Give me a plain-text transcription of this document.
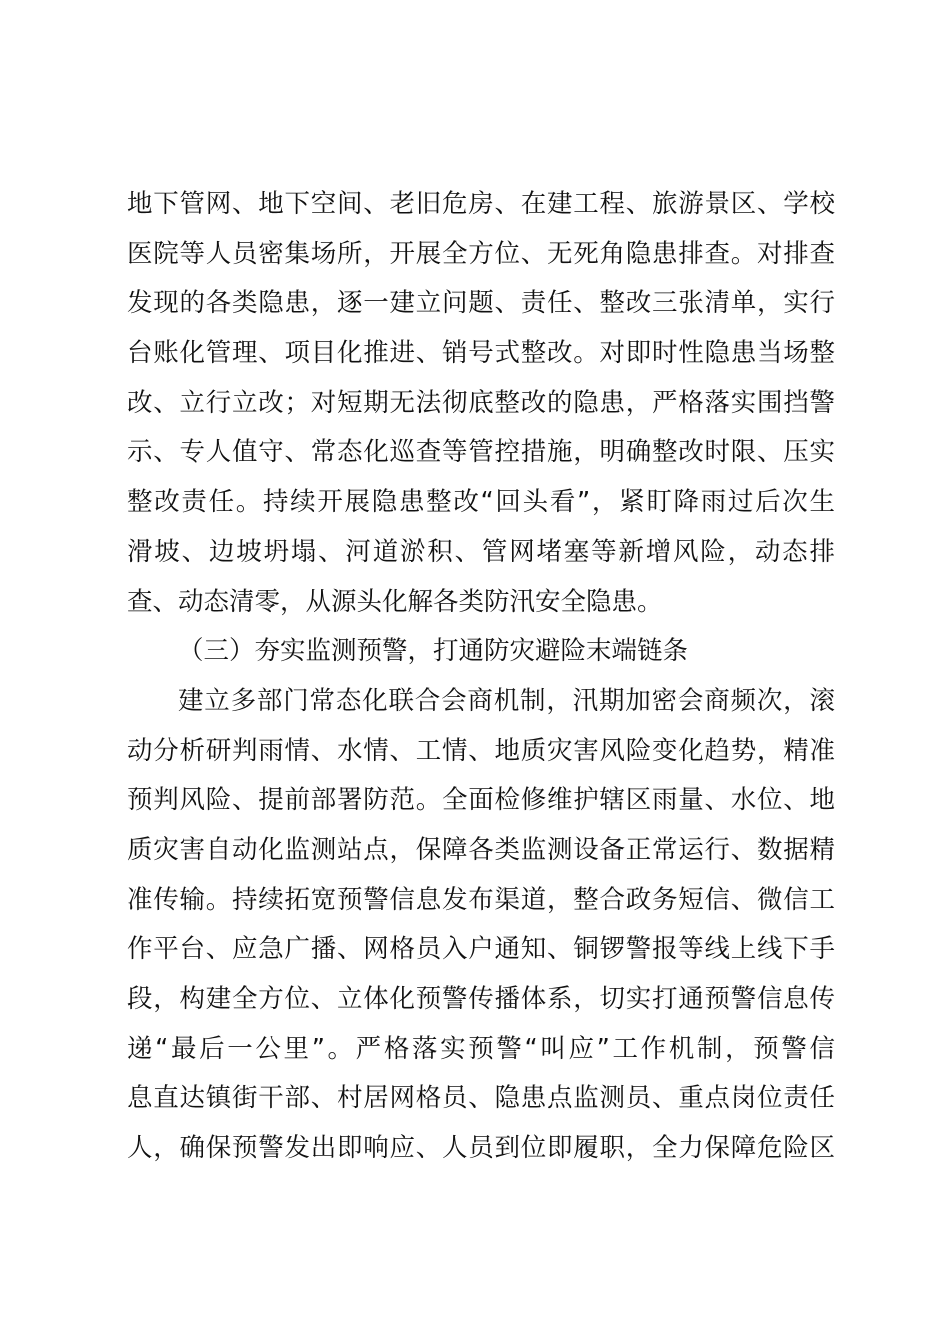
地下管网、地下空间、老旧危房、在建工程、旅游景区、学校
医院等人员密集场所，开展全方位、无死角隐患排查。对排查
发现的各类隐患，逐一建立问题、责任、整改三张清单，实行
台账化管理、项目化推进、销号式整改。对即时性隐患当场整
改、立行立改；对短期无法彻底整改的隐患，严格落实围挡警
示、专人值守、常态化巡查等管控措施，明确整改时限、压实
整改责任。持续开展隐患整改“回头看”，紧盯降雨过后次生
滑坡、边坡坍塌、河道淤积、管网堵塞等新增风险，动态排
查、动态清零，从源头化解各类防汛安全隐患。
（三）夯实监测预警，打通防灾避险末端链条
建立多部门常态化联合会商机制，汛期加密会商频次，滚
动分析研判雨情、水情、工情、地质灾害风险变化趋势，精准
预判风险、提前部署防范。全面检修维护辖区雨量、水位、地
质灾害自动化监测站点，保障各类监测设备正常运行、数据精
准传输。持续拓宽预警信息发布渠道，整合政务短信、微信工
作平台、应急广播、网格员入户通知、铜锣警报等线上线下手
段，构建全方位、立体化预警传播体系，切实打通预警信息传
递“最后一公里”。严格落实预警“叫应”工作机制，预警信
息直达镇街干部、村居网格员、隐患点监测员、重点岗位责任
人，确保预警发出即响应、人员到位即履职，全力保障危险区
